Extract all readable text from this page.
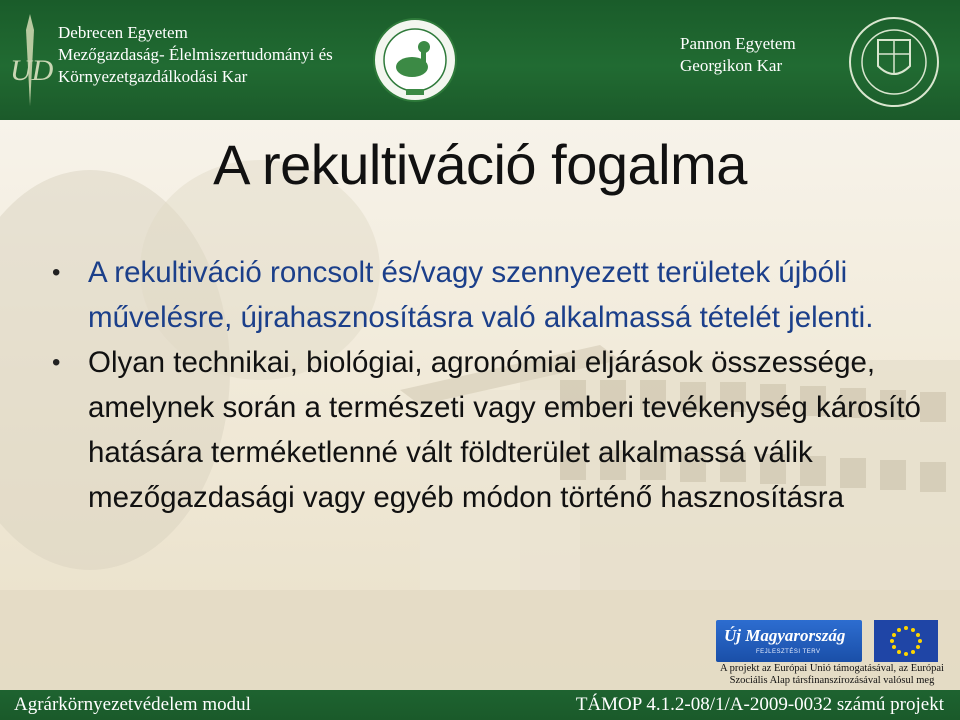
UD
Debrecen Egyetem
Mezőgazdaság- Élelmiszertudományi és
Környezetgazdálkodási Kar
Pannon Egyetem
Georgikon Kar
A rekultiváció fogalma
• A rekultiváció roncsolt és/vagy szennyezett területek újbóli művelésre, újrahasznosításra való alkalmassá tételét jelenti.
• Olyan technikai, biológiai, agronómiai eljárások összessége, amelynek során a természeti vagy emberi tevékenység károsító hatására terméketlenné vált földterület alkalmassá válik mezőgazdasági vagy egyéb módon történő hasznosításra
Új Magyarország
FEJLESZTÉSI TERV
A projekt az Európai Unió támogatásával, az Európai
Szociális Alap társfinanszírozásával valósul meg
Agrárkörnyezetvédelem modul	TÁMOP 4.1.2-08/1/A-2009-0032 számú projekt
